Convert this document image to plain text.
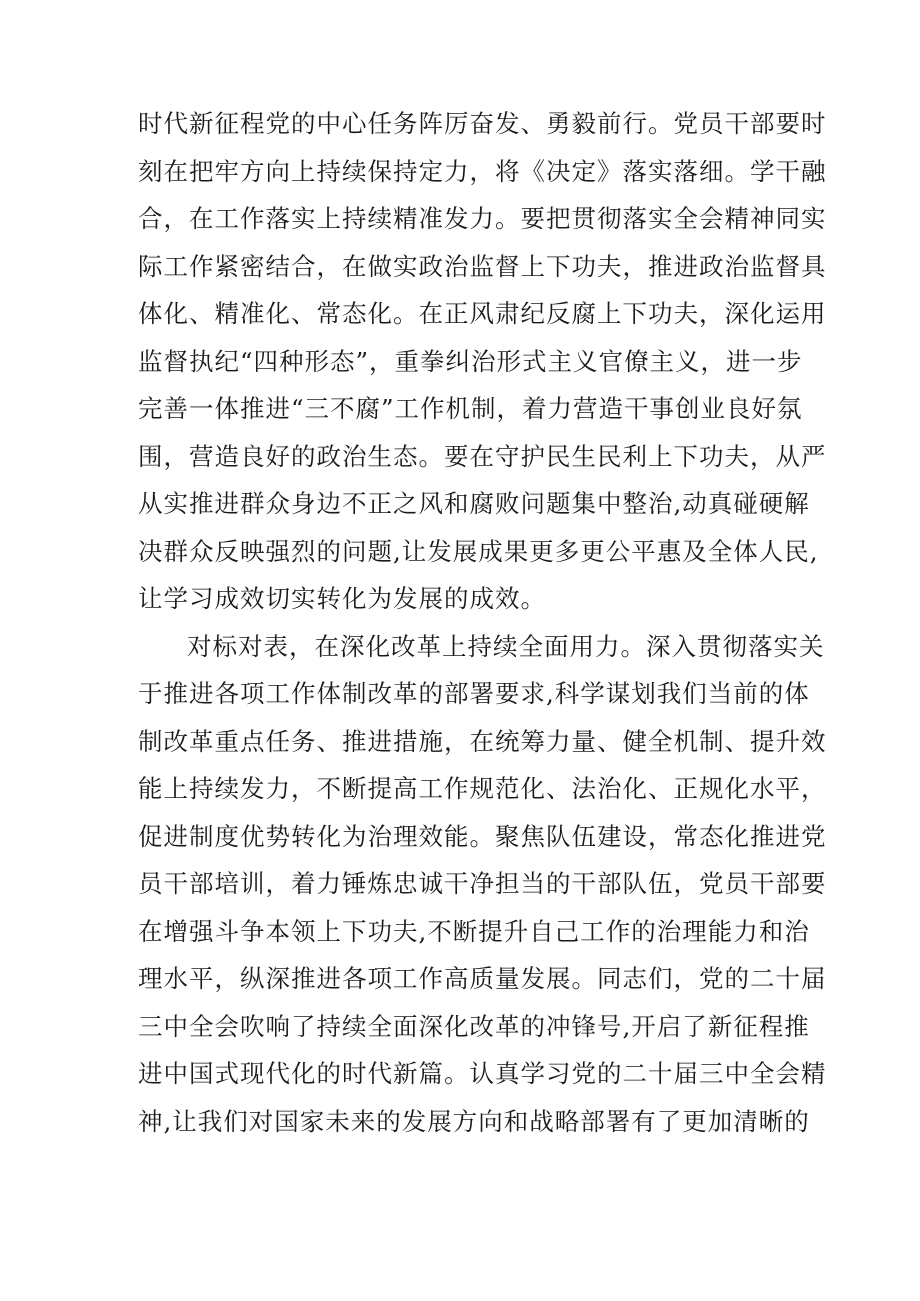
时代新征程党的中心任务阵厉奋发、勇毅前行。党员干部要时
刻在把牢方向上持续保持定力，将《决定》落实落细。学干融
合，在工作落实上持续精准发力。要把贯彻落实全会精神同实
际工作紧密结合，在做实政治监督上下功夫，推进政治监督具
体化、精准化、常态化。在正风肃纪反腐上下功夫，深化运用
监督执纪“四种形态”，重拳纠治形式主义官僚主义，进一步
完善一体推进“三不腐”工作机制，着力营造干事创业良好氛
围，营造良好的政治生态。要在守护民生民利上下功夫，从严
从实推进群众身边不正之风和腐败问题集中整治,动真碰硬解
决群众反映强烈的问题,让发展成果更多更公平惠及全体人民,
让学习成效切实转化为发展的成效。
对标对表，在深化改革上持续全面用力。深入贯彻落实关
于推进各项工作体制改革的部署要求,科学谋划我们当前的体
制改革重点任务、推进措施，在统筹力量、健全机制、提升效
能上持续发力，不断提高工作规范化、法治化、正规化水平，
促进制度优势转化为治理效能。聚焦队伍建设，常态化推进党
员干部培训，着力锤炼忠诚干净担当的干部队伍，党员干部要
在增强斗争本领上下功夫,不断提升自己工作的治理能力和治
理水平，纵深推进各项工作高质量发展。同志们，党的二十届
三中全会吹响了持续全面深化改革的冲锋号,开启了新征程推
进中国式现代化的时代新篇。认真学习党的二十届三中全会精
神,让我们对国家未来的发展方向和战略部署有了更加清晰的
